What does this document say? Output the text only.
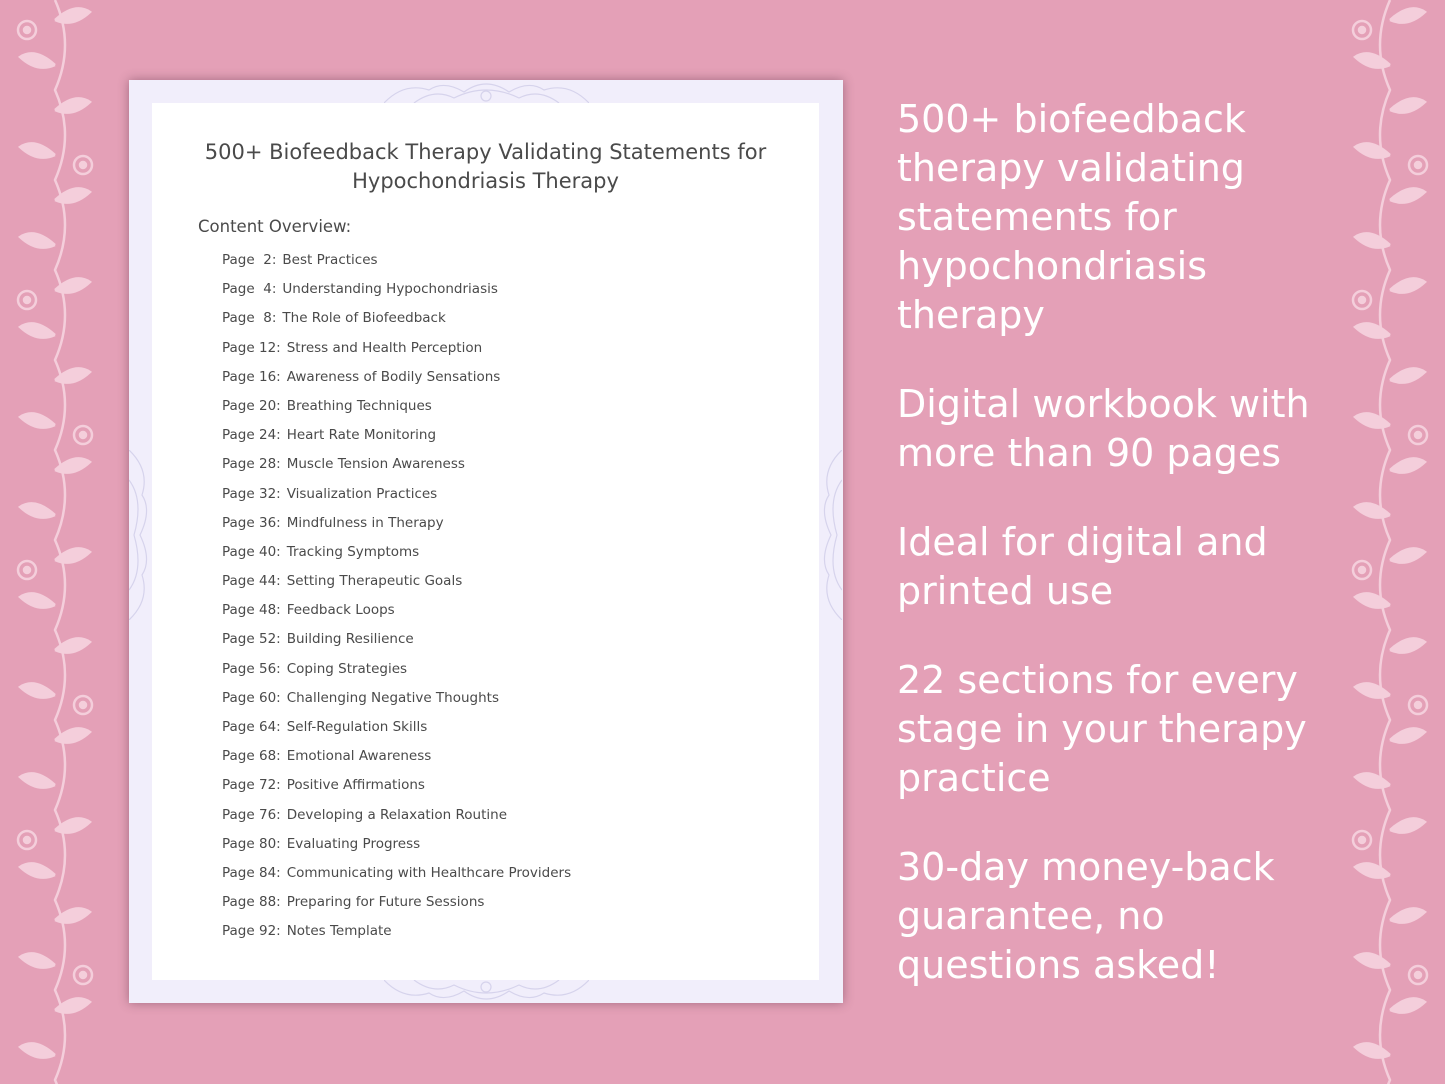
500+ Biofeedback Therapy Validating Statements for
Hypochondriasis Therapy
Content Overview:
Page  2: Best Practices
Page  4: Understanding Hypochondriasis
Page  8: The Role of Biofeedback
Page 12: Stress and Health Perception
Page 16: Awareness of Bodily Sensations
Page 20: Breathing Techniques
Page 24: Heart Rate Monitoring
Page 28: Muscle Tension Awareness
Page 32: Visualization Practices
Page 36: Mindfulness in Therapy
Page 40: Tracking Symptoms
Page 44: Setting Therapeutic Goals
Page 48: Feedback Loops
Page 52: Building Resilience
Page 56: Coping Strategies
Page 60: Challenging Negative Thoughts
Page 64: Self-Regulation Skills
Page 68: Emotional Awareness
Page 72: Positive Affirmations
Page 76: Developing a Relaxation Routine
Page 80: Evaluating Progress
Page 84: Communicating with Healthcare Providers
Page 88: Preparing for Future Sessions
Page 92: Notes Template

500+ biofeedback
therapy validating
statements for
hypochondriasis
therapy

Digital workbook with
more than 90 pages

Ideal for digital and
printed use

22 sections for every
stage in your therapy
practice

30-day money-back
guarantee, no
questions asked!
